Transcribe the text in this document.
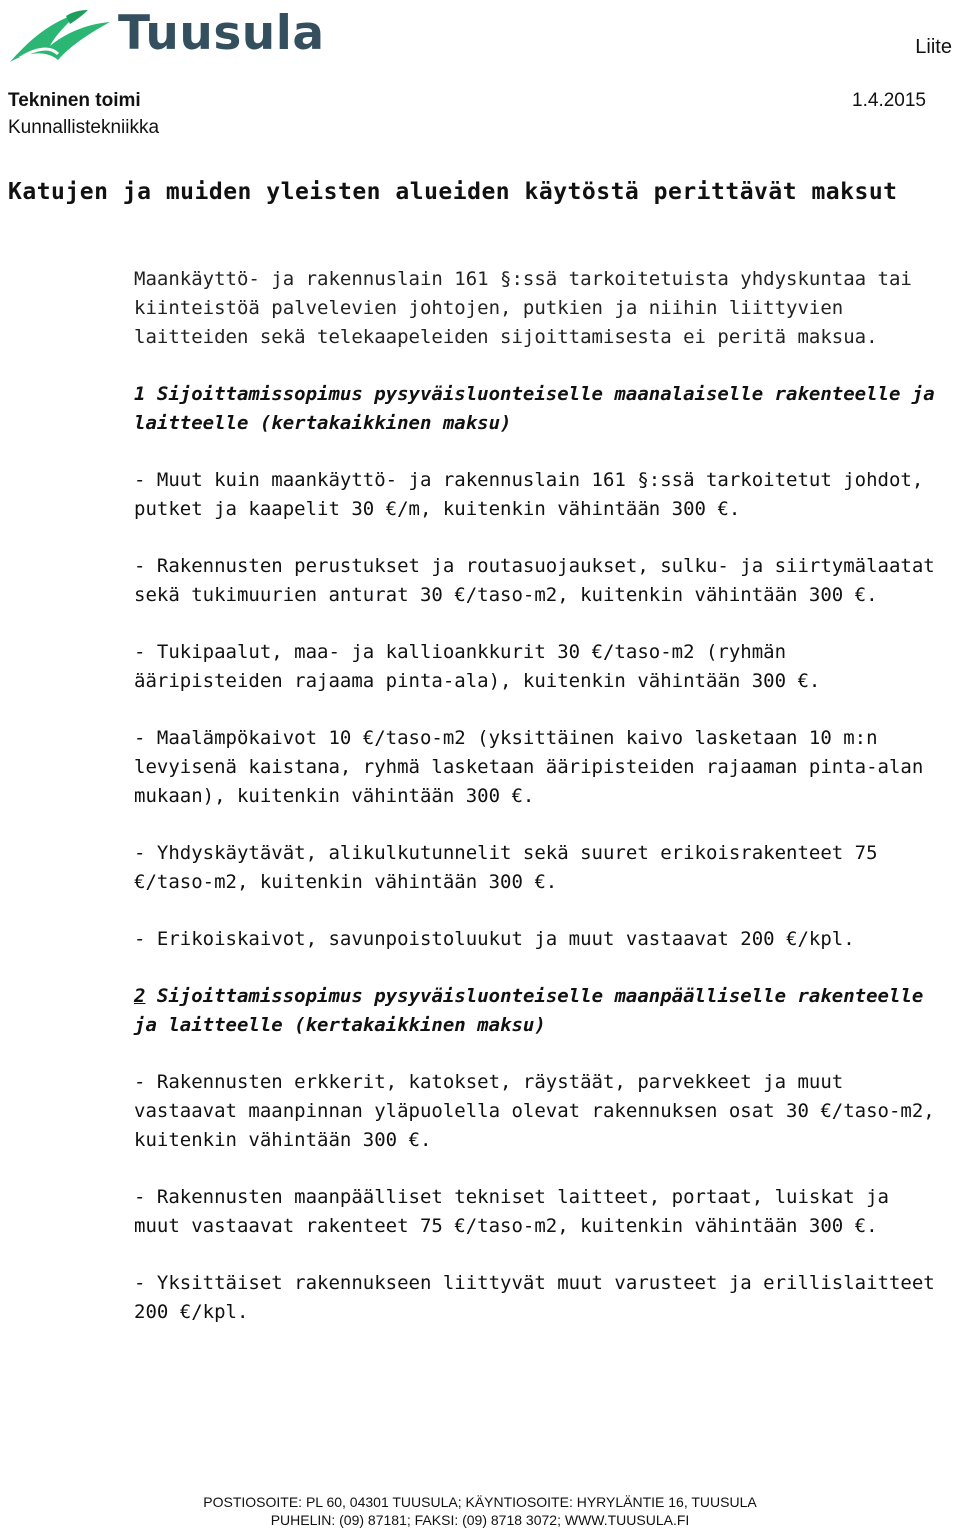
Tuusula	Liite
Tekninen toimi
Kunnallistekniikka
1.4.2015
Katujen ja muiden yleisten alueiden käytöstä perittävät maksut

Maankäyttö- ja rakennuslain 161 §:ssä tarkoitetuista yhdyskuntaa tai kiinteistöä palvelevien johtojen, putkien ja niihin liittyvien laitteiden sekä telekaapeleiden sijoittamisesta ei peritä maksua.

1 Sijoittamissopimus pysyväisluonteiselle maanalaiselle rakenteelle ja laitteelle (kertakaikkinen maksu)

- Muut kuin maankäyttö- ja rakennuslain 161 §:ssä tarkoitetut johdot, putket ja kaapelit 30 €/m, kuitenkin vähintään 300 €.

- Rakennusten perustukset ja routasuojaukset, sulku- ja siirtymälaatat sekä tukimuurien anturat 30 €/taso-m2, kuitenkin vähintään 300 €.

- Tukipaalut, maa- ja kallioankkurit 30 €/taso-m2 (ryhmän ääripisteiden rajaama pinta-ala), kuitenkin vähintään 300 €.

- Maalämpökaivot 10 €/taso-m2 (yksittäinen kaivo lasketaan 10 m:n levyisenä kaistana, ryhmä lasketaan ääripisteiden rajaaman pinta-alan mukaan), kuitenkin vähintään 300 €.

- Yhdyskäytävät, alikulkutunnelit sekä suuret erikoisrakenteet 75 €/taso-m2, kuitenkin vähintään 300 €.

- Erikoiskaivot, savunpoistoluukut ja muut vastaavat 200 €/kpl.

2 Sijoittamissopimus pysyväisluonteiselle maanpäälliselle rakenteelle ja laitteelle (kertakaikkinen maksu)

- Rakennusten erkkerit, katokset, räystäät, parvekkeet ja muut vastaavat maanpinnan yläpuolella olevat rakennuksen osat 30 €/taso-m2, kuitenkin vähintään 300 €.

- Rakennusten maanpäälliset tekniset laitteet, portaat, luiskat ja muut vastaavat rakenteet 75 €/taso-m2, kuitenkin vähintään 300 €.

- Yksittäiset rakennukseen liittyvät muut varusteet ja erillislaitteet 200 €/kpl.

POSTIOSOITE: PL 60, 04301 TUUSULA; KÄYNTIOSOITE: HYRYLÄNTIE 16, TUUSULA
PUHELIN: (09) 87181; FAKSI: (09) 8718 3072; WWW.TUUSULA.FI
